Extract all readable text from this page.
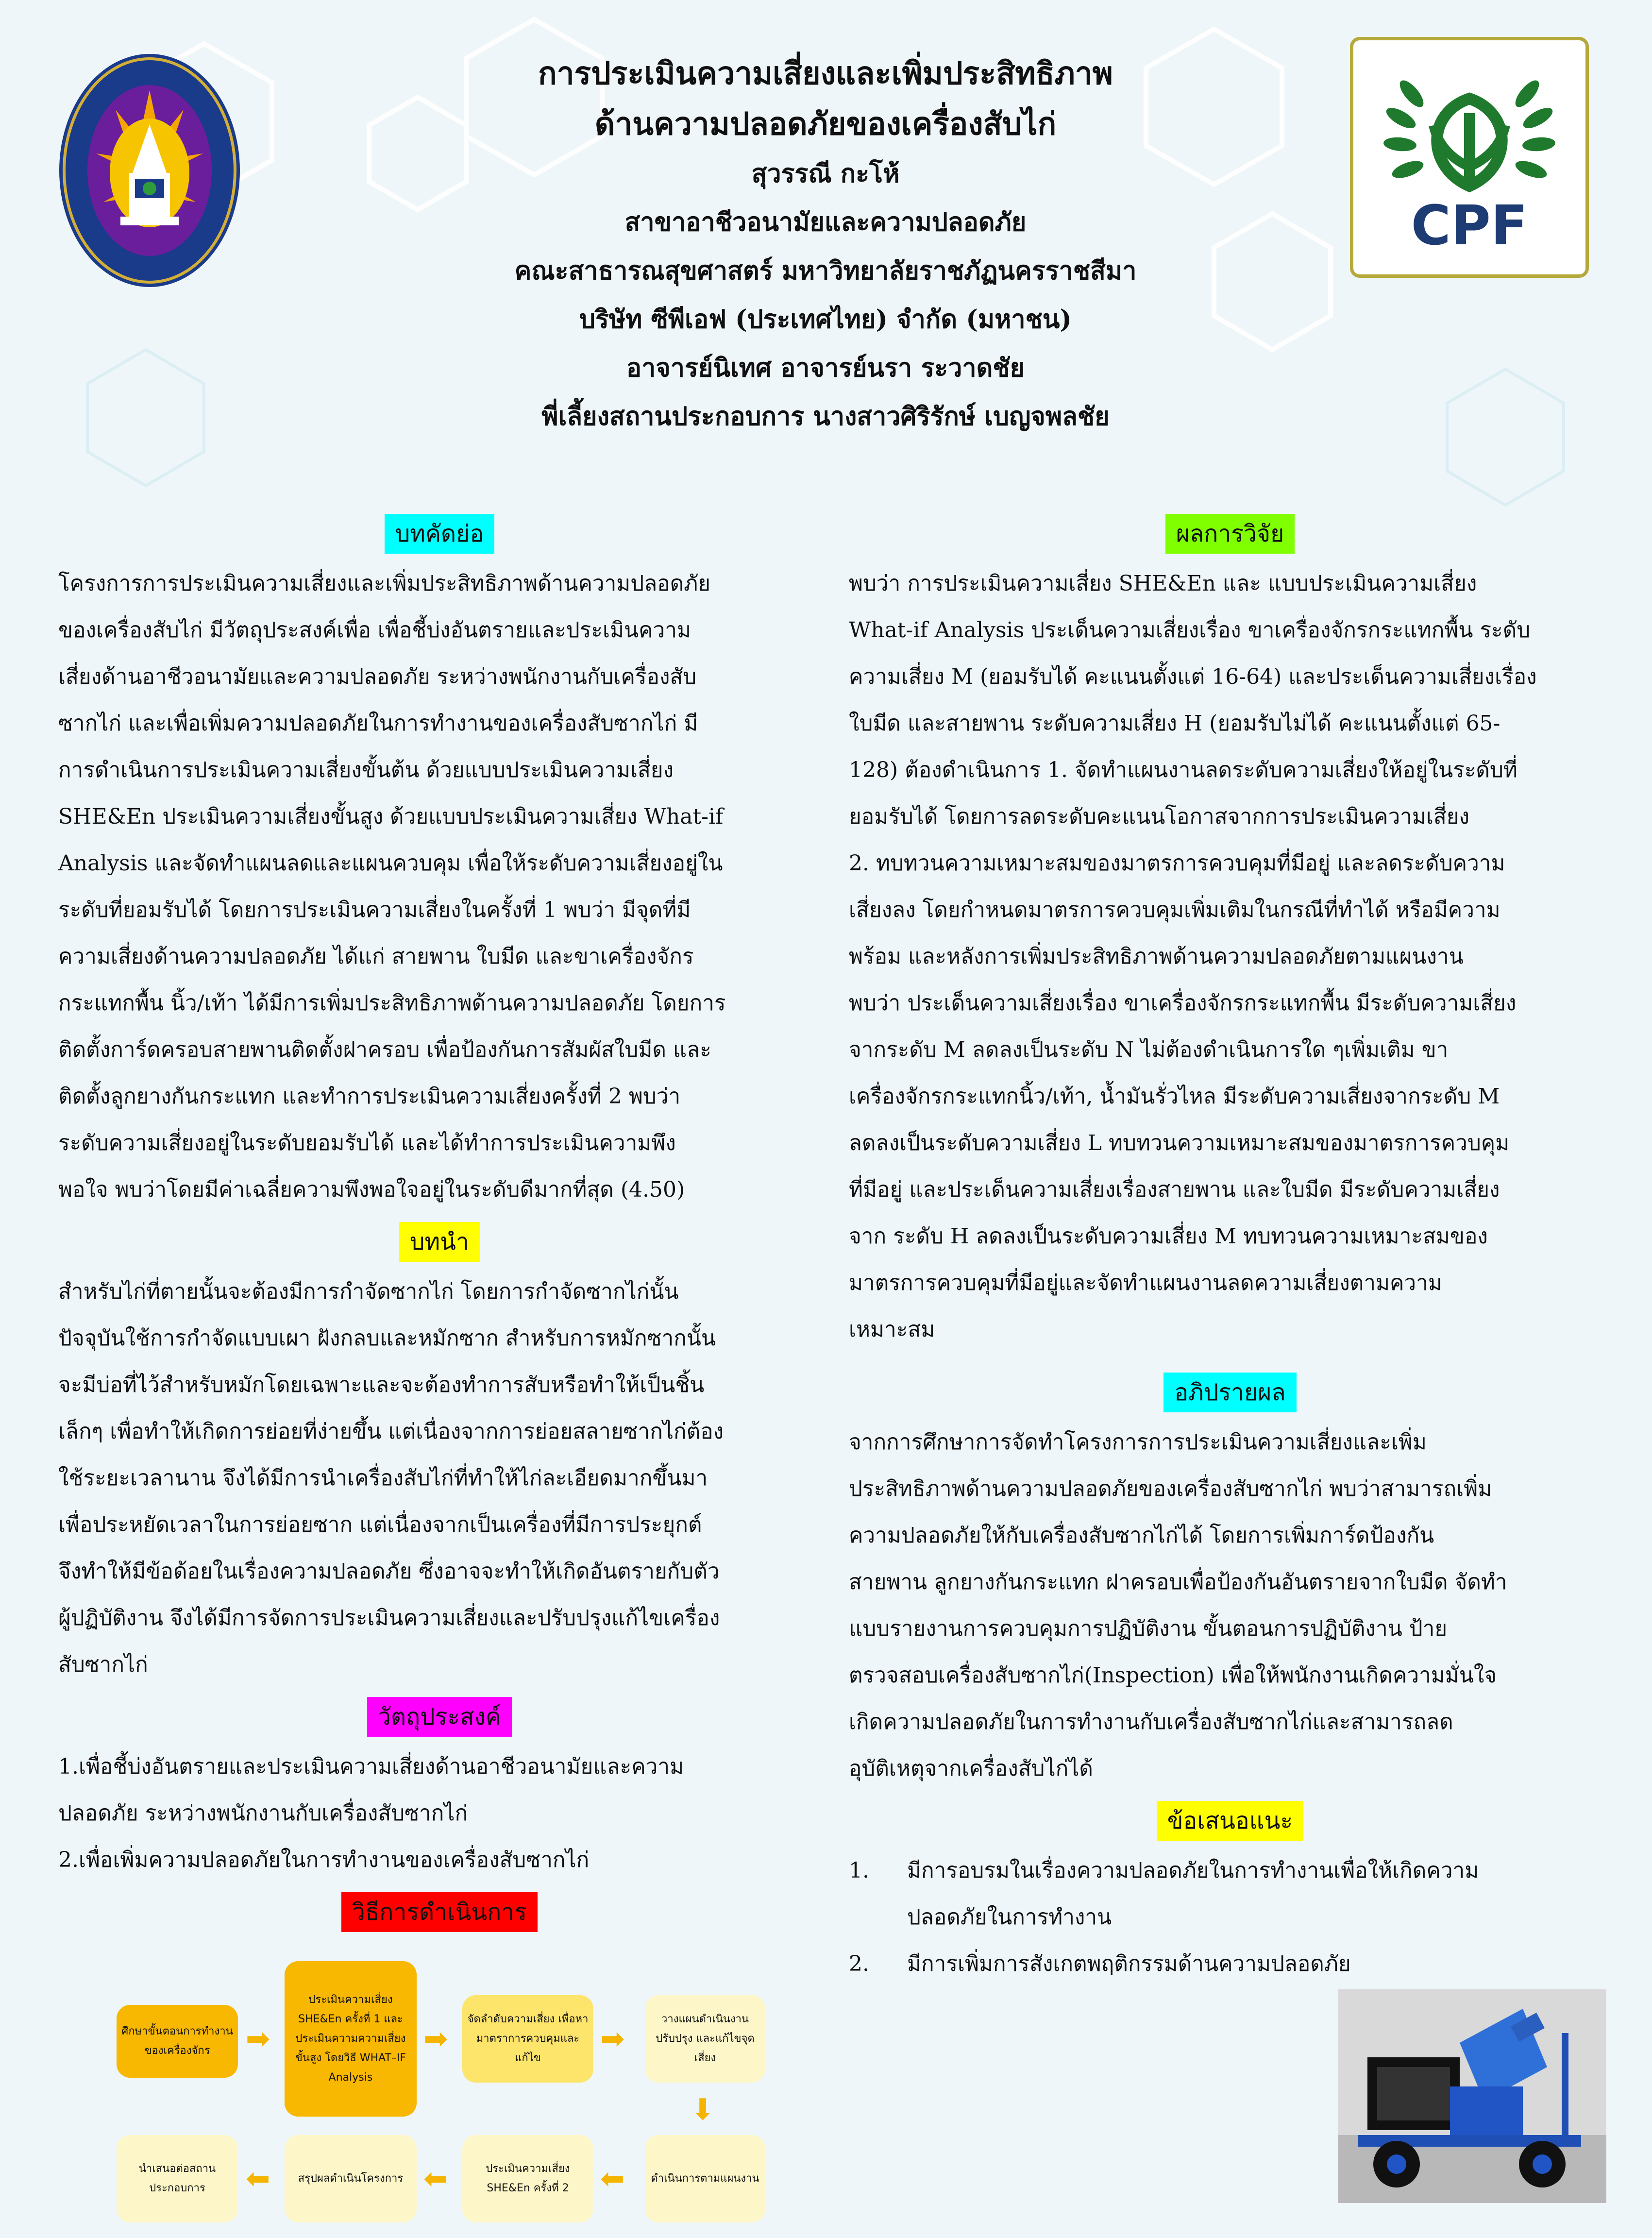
CPF
การประเมินความเสี่ยงและเพิ่มประสิทธิภาพ
ด้านความปลอดภัยของเครื่องสับไก่
สุวรรณี กะโห้
สาขาอาชีวอนามัยและความปลอดภัย
คณะสาธารณสุขศาสตร์ มหาวิทยาลัยราชภัฏนครราชสีมา
บริษัท ซีพีเอฟ (ประเทศไทย) จำกัด (มหาชน)
อาจารย์นิเทศ อาจารย์นรา ระวาดชัย
พี่เลี้ยงสถานประกอบการ นางสาวศิริรักษ์ เบญจพลชัย
บทคัดย่อ

โครงการการประเมินความเสี่ยงและเพิ่มประสิทธิภาพด้านความปลอดภัย

ของเครื่องสับไก่ มีวัตถุประสงค์เพื่อ เพื่อชี้บ่งอันตรายและประเมินความ

เสี่ยงด้านอาชีวอนามัยและความปลอดภัย ระหว่างพนักงานกับเครื่องสับ

ซากไก่ และเพื่อเพิ่มความปลอดภัยในการทำงานของเครื่องสับซากไก่ มี

การดำเนินการประเมินความเสี่ยงขั้นต้น ด้วยแบบประเมินความเสี่ยง

SHE&En ประเมินความเสี่ยงขั้นสูง ด้วยแบบประเมินความเสี่ยง What-if

Analysis และจัดทำแผนลดและแผนควบคุม เพื่อให้ระดับความเสี่ยงอยู่ใน

ระดับที่ยอมรับได้ โดยการประเมินความเสี่ยงในครั้งที่ 1 พบว่า มีจุดที่มี

ความเสี่ยงด้านความปลอดภัย ได้แก่ สายพาน ใบมีด และขาเครื่องจักร

กระแทกพื้น นิ้ว/เท้า ได้มีการเพิ่มประสิทธิภาพด้านความปลอดภัย โดยการ

ติดตั้งการ์ดครอบสายพานติดตั้งฝาครอบ เพื่อป้องกันการสัมผัสใบมีด และ

ติดตั้งลูกยางกันกระแทก และทำการประเมินความเสี่ยงครั้งที่ 2 พบว่า

ระดับความเสี่ยงอยู่ในระดับยอมรับได้ และได้ทำการประเมินความพึง

พอใจ พบว่าโดยมีค่าเฉลี่ยความพึงพอใจอยู่ในระดับดีมากที่สุด (4.50)

บทนำ

สำหรับไก่ที่ตายนั้นจะต้องมีการกำจัดซากไก่ โดยการกำจัดซากไก่นั้น

ปัจจุบันใช้การกำจัดแบบเผา ฝังกลบและหมักซาก สำหรับการหมักซากนั้น

จะมีบ่อที่ไว้สำหรับหมักโดยเฉพาะและจะต้องทำการสับหรือทำให้เป็นชิ้น

เล็กๆ เพื่อทำให้เกิดการย่อยที่ง่ายขึ้น แต่เนื่องจากการย่อยสลายซากไก่ต้อง

ใช้ระยะเวลานาน จึงได้มีการนำเครื่องสับไก่ที่ทำให้ไก่ละเอียดมากขึ้นมา

เพื่อประหยัดเวลาในการย่อยซาก แต่เนื่องจากเป็นเครื่องที่มีการประยุกต์

จึงทำให้มีข้อด้อยในเรื่องความปลอดภัย ซึ่งอาจจะทำให้เกิดอันตรายกับตัว

ผู้ปฏิบัติงาน จึงได้มีการจัดการประเมินความเสี่ยงและปรับปรุงแก้ไขเครื่อง

สับซากไก่

วัตถุประสงค์

1.เพื่อชี้บ่งอันตรายและประเมินความเสี่ยงด้านอาชีวอนามัยและความ

ปลอดภัย ระหว่างพนักงานกับเครื่องสับซากไก่

2.เพื่อเพิ่มความปลอดภัยในการทำงานของเครื่องสับซากไก่

วิธีการดำเนินการ
ศึกษาขั้นตอนการทำงานของเครื่องจักร	➡
ประเมินความเสี่ยง SHE&En ครั้งที่ 1 และ ประเมินความความเสี่ยงขั้นสูง โดยวิธี WHAT–IF Analysis
➡
จัดลำดับความเสี่ยง เพื่อหามาตราการควบคุมและแก้ไข
➡
วางแผนดำเนินงาน ปรับปรุง และแก้ไขจุดเสี่ยง
⬇
ดำเนินการตามแผนงาน
⬅
ประเมินความเสี่ยง SHE&En ครั้งที่ 2
⬅
สรุปผลดำเนินโครงการ
⬅
นำเสนอต่อสถานประกอบการ
ผลการวิจัย

พบว่า การประเมินความเสี่ยง SHE&En และ แบบประเมินความเสี่ยง

What-if Analysis ประเด็นความเสี่ยงเรื่อง ขาเครื่องจักรกระแทกพื้น ระดับ

ความเสี่ยง M (ยอมรับได้ คะแนนตั้งแต่ 16-64) และประเด็นความเสี่ยงเรื่อง

ใบมีด และสายพาน ระดับความเสี่ยง H (ยอมรับไม่ได้ คะแนนตั้งแต่ 65-

128) ต้องดำเนินการ 1. จัดทำแผนงานลดระดับความเสี่ยงให้อยู่ในระดับที่

ยอมรับได้ โดยการลดระดับคะแนนโอกาสจากการประเมินความเสี่ยง

2. ทบทวนความเหมาะสมของมาตรการควบคุมที่มีอยู่ และลดระดับความ

เสี่ยงลง โดยกำหนดมาตรการควบคุมเพิ่มเติมในกรณีที่ทำได้ หรือมีความ

พร้อม และหลังการเพิ่มประสิทธิภาพด้านความปลอดภัยตามแผนงาน

พบว่า ประเด็นความเสี่ยงเรื่อง ขาเครื่องจักรกระแทกพื้น มีระดับความเสี่ยง

จากระดับ M ลดลงเป็นระดับ N ไม่ต้องดำเนินการใด ๆเพิ่มเติม ขา

เครื่องจักรกระแทกนิ้ว/เท้า, น้ำมันรั่วไหล มีระดับความเสี่ยงจากระดับ M

ลดลงเป็นระดับความเสี่ยง L ทบทวนความเหมาะสมของมาตรการควบคุม

ที่มีอยู่ และประเด็นความเสี่ยงเรื่องสายพาน และใบมีด มีระดับความเสี่ยง

จาก ระดับ H ลดลงเป็นระดับความเสี่ยง M ทบทวนความเหมาะสมของ

มาตรการควบคุมที่มีอยู่และจัดทำแผนงานลดความเสี่ยงตามความ

เหมาะสม

อภิปรายผล

จากการศึกษาการจัดทำโครงการการประเมินความเสี่ยงและเพิ่ม

ประสิทธิภาพด้านความปลอดภัยของเครื่องสับซากไก่ พบว่าสามารถเพิ่ม

ความปลอดภัยให้กับเครื่องสับซากไก่ได้ โดยการเพิ่มการ์ดป้องกัน

สายพาน ลูกยางกันกระแทก ฝาครอบเพื่อป้องกันอันตรายจากใบมีด จัดทำ

แบบรายงานการควบคุมการปฏิบัติงาน ขั้นตอนการปฏิบัติงาน ป้าย

ตรวจสอบเครื่องสับซากไก่(Inspection) เพื่อให้พนักงานเกิดความมั่นใจ

เกิดความปลอดภัยในการทำงานกับเครื่องสับซากไก่และสามารถลด

อุบัติเหตุจากเครื่องสับไก่ได้

ข้อเสนอแนะ
1.	มีการอบรมในเรื่องความปลอดภัยในการทำงานเพื่อให้เกิดความ
ปลอดภัยในการทำงาน
2.	มีการเพิ่มการสังเกตพฤติกรรมด้านความปลอดภัย
